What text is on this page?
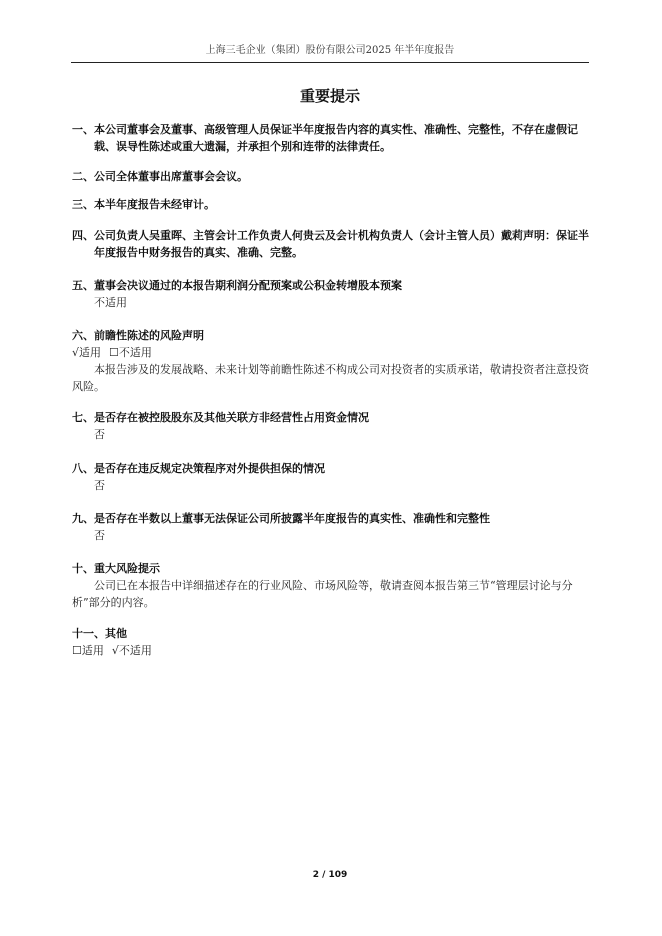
上海三毛企业（集团）股份有限公司2025 年半年度报告
重要提示

一、本公司董事会及董事、高级管理人员保证半年度报告内容的真实性、准确性、完整性，不存在虚假记载、误导性陈述或重大遗漏，并承担个别和连带的法律责任。

二、公司全体董事出席董事会会议。

三、本半年度报告未经审计。

四、公司负责人吴重晖、主管会计工作负责人何贵云及会计机构负责人（会计主管人员）戴莉声明：保证半年度报告中财务报告的真实、准确、完整。

五、董事会决议通过的本报告期利润分配预案或公积金转增股本预案

不适用

六、前瞻性陈述的风险声明

√适用 ☐不适用

本报告涉及的发展战略、未来计划等前瞻性陈述不构成公司对投资者的实质承诺，敬请投资者注意投资风险。

七、是否存在被控股股东及其他关联方非经营性占用资金情况

否

八、是否存在违反规定决策程序对外提供担保的情况

否

九、是否存在半数以上董事无法保证公司所披露半年度报告的真实性、准确性和完整性

否

十、重大风险提示

公司已在本报告中详细描述存在的行业风险、市场风险等，敬请查阅本报告第三节“管理层讨论与分析”部分的内容。

十一、其他

☐适用 √不适用

2 / 109
